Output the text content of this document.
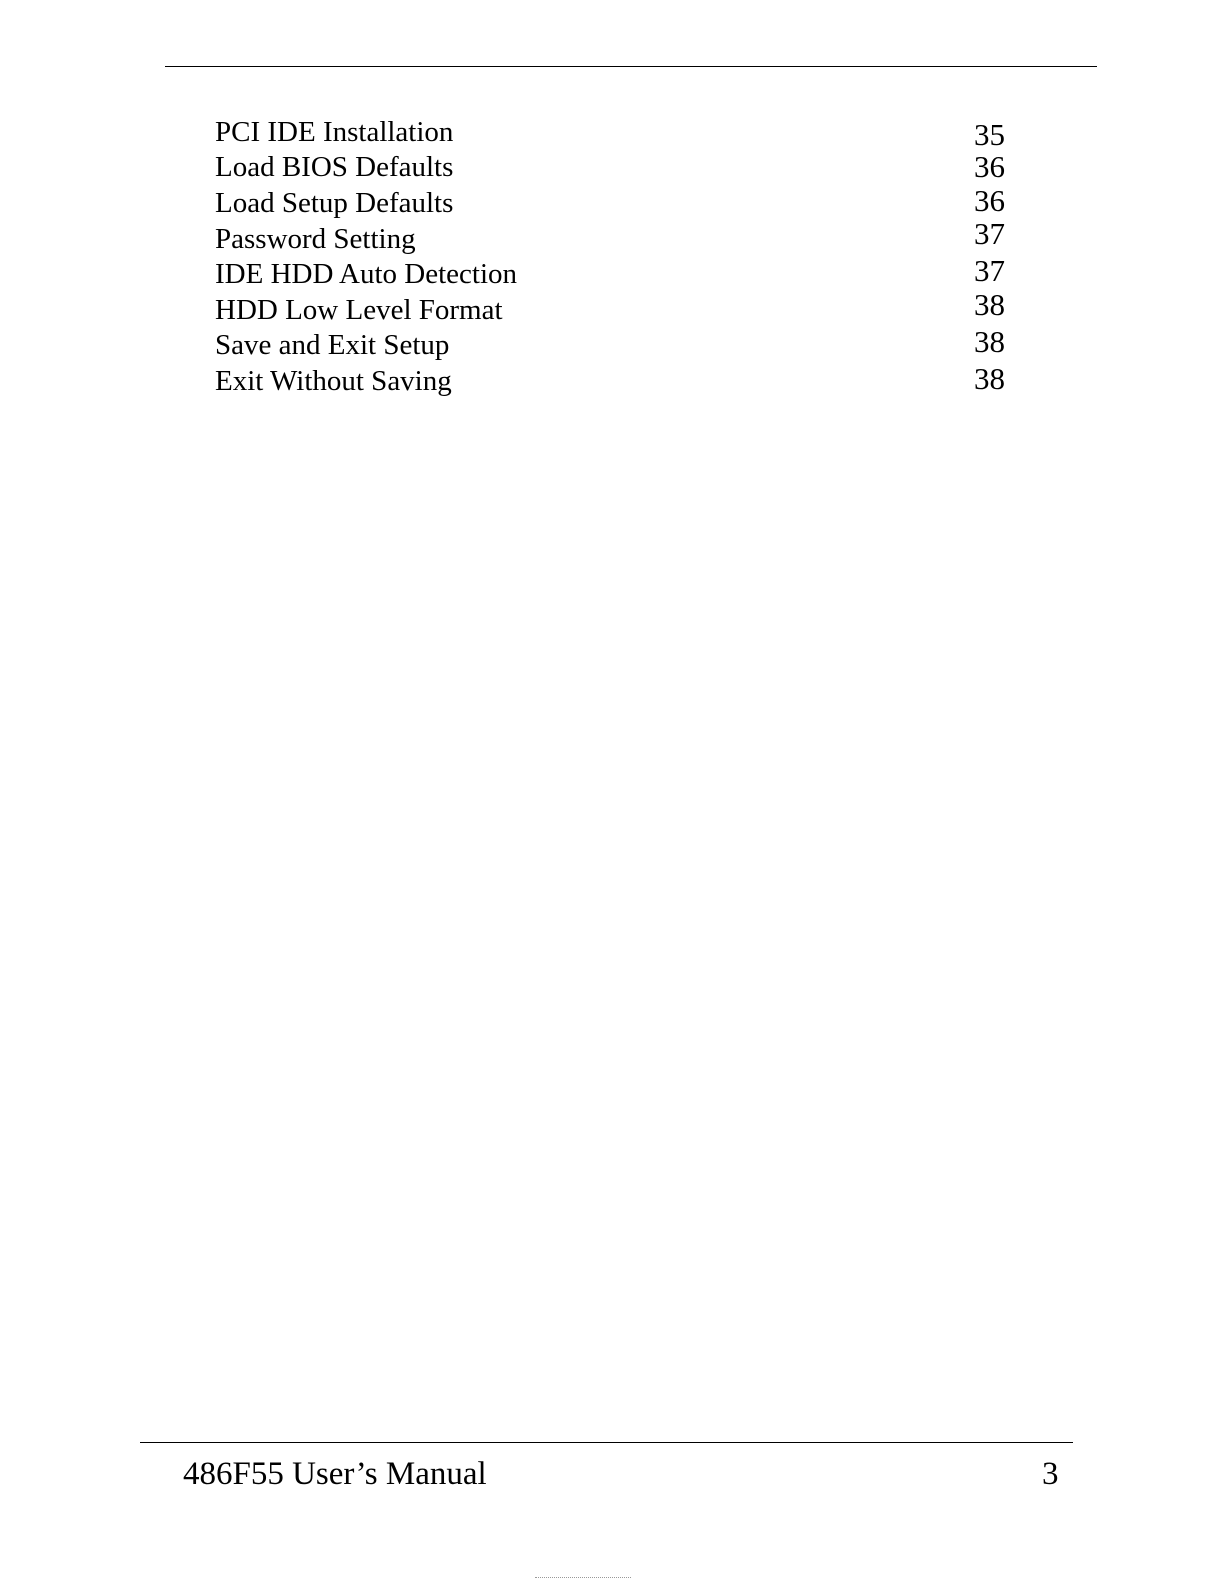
PCI IDE Installation	35
Load BIOS Defaults	36
Load Setup Defaults	36
Password Setting	37
IDE HDD Auto Detection	37
HDD Low Level Format	38
Save and Exit Setup	38
Exit Without Saving	38
486F55 User’s Manual	3
